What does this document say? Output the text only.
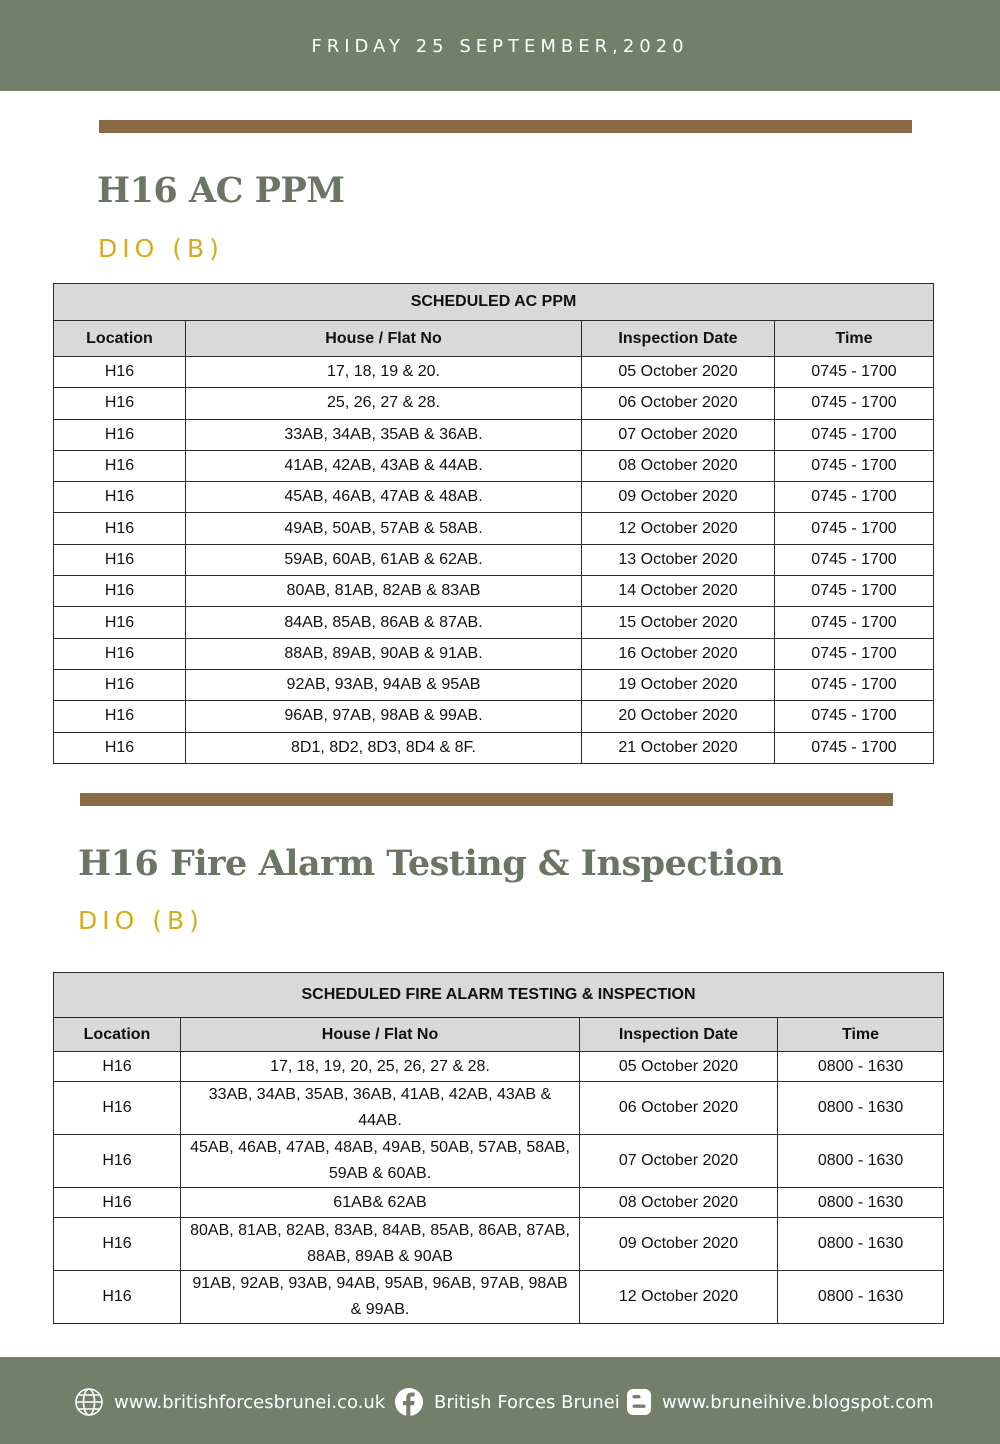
FRIDAY 25 SEPTEMBER,2020
H16 AC PPM
DIO (B)
SCHEDULED AC PPM			
Location	House / Flat No	Inspection Date	Time
H16	17, 18, 19 & 20.	05 October 2020	0745 - 1700
H16	25, 26, 27 & 28.	06 October 2020	0745 - 1700
H16	33AB, 34AB, 35AB & 36AB.	07 October 2020	0745 - 1700
H16	41AB, 42AB, 43AB & 44AB.	08 October 2020	0745 - 1700
H16	45AB, 46AB, 47AB & 48AB.	09 October 2020	0745 - 1700
H16	49AB, 50AB, 57AB & 58AB.	12 October 2020	0745 - 1700
H16	59AB, 60AB, 61AB & 62AB.	13 October 2020	0745 - 1700
H16	80AB, 81AB, 82AB & 83AB	14 October 2020	0745 - 1700
H16	84AB, 85AB, 86AB & 87AB.	15 October 2020	0745 - 1700
H16	88AB, 89AB, 90AB & 91AB.	16 October 2020	0745 - 1700
H16	92AB, 93AB, 94AB & 95AB	19 October 2020	0745 - 1700
H16	96AB, 97AB, 98AB & 99AB.	20 October 2020	0745 - 1700
H16	8D1, 8D2, 8D3, 8D4 & 8F.	21 October 2020	0745 - 1700
H16 Fire Alarm Testing & Inspection
DIO (B)
SCHEDULED FIRE ALARM TESTING & INSPECTION			
Location	House / Flat No	Inspection Date	Time
H16	17, 18, 19, 20, 25, 26, 27 & 28.	05 October 2020	0800 - 1630
H16	33AB, 34AB, 35AB, 36AB, 41AB, 42AB, 43AB & 44AB.	06 October 2020	0800 - 1630
H16	45AB, 46AB, 47AB, 48AB, 49AB, 50AB, 57AB, 58AB, 59AB & 60AB.	07 October 2020	0800 - 1630
H16	61AB& 62AB	08 October 2020	0800 - 1630
H16	80AB, 81AB, 82AB, 83AB, 84AB, 85AB, 86AB, 87AB, 88AB, 89AB & 90AB	09 October 2020	0800 - 1630
H16	91AB, 92AB, 93AB, 94AB, 95AB, 96AB, 97AB, 98AB & 99AB.	12 October 2020	0800 - 1630
www.britishforcesbrunei.co.uk	British Forces Brunei www.bruneihive.blogspot.com
